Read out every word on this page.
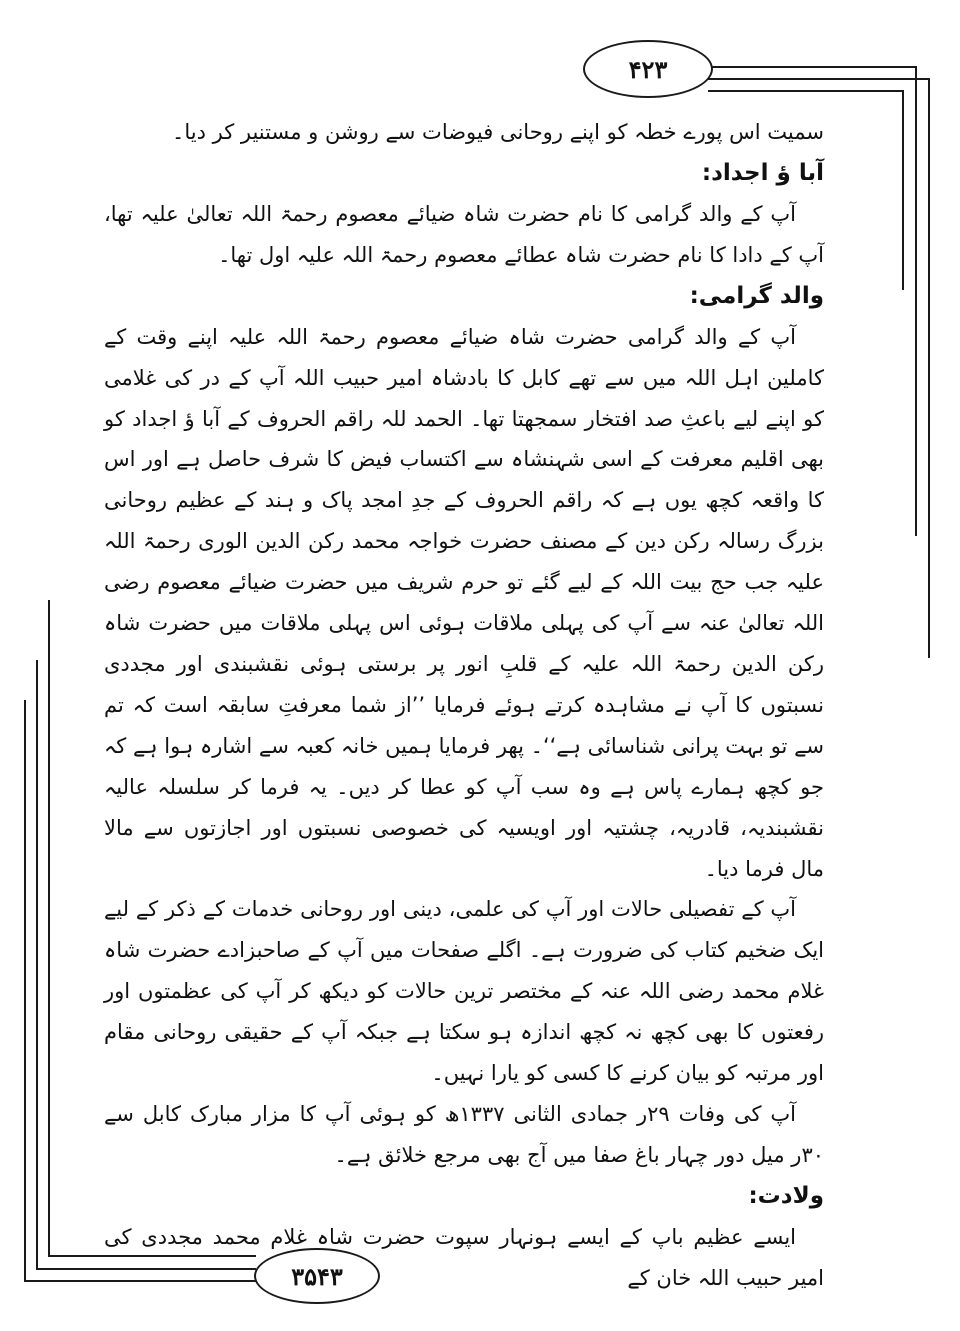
۴۲۳
۳۵۴۳

سمیت اس پورے خطہ کو اپنے روحانی فیوضات سے روشن و مستنیر کر دیا۔

آبا ؤ اجداد:

آپ کے والد گرامی کا نام حضرت شاہ ضیائے معصوم رحمۃ اللہ تعالیٰ علیہ تھا، آپ کے دادا کا نام حضرت شاہ عطائے معصوم رحمۃ اللہ علیہ اول تھا۔

والد گرامی:

آپ کے والد گرامی حضرت شاہ ضیائے معصوم رحمۃ اللہ علیہ اپنے وقت کے کاملین اہل اللہ میں سے تھے کابل کا بادشاہ امیر حبیب اللہ آپ کے در کی غلامی کو اپنے لیے باعثِ صد افتخار سمجھتا تھا۔ الحمد للہ راقم الحروف کے آبا ؤ اجداد کو بھی اقلیم معرفت کے اسی شہنشاہ سے اکتساب فیض کا شرف حاصل ہے اور اس کا واقعہ کچھ یوں ہے کہ راقم الحروف کے جدِ امجد پاک و ہند کے عظیم روحانی بزرگ رسالہ رکن دین کے مصنف حضرت خواجہ محمد رکن الدین الوری رحمۃ اللہ علیہ جب حج بیت اللہ کے لیے گئے تو حرم شریف میں حضرت ضیائے معصوم رضی اللہ تعالیٰ عنہ سے آپ کی پہلی ملاقات ہوئی اس پہلی ملاقات میں حضرت شاہ رکن الدین رحمۃ اللہ علیہ کے قلبِ انور پر برستی ہوئی نقشبندی اور مجددی نسبتوں کا آپ نے مشاہدہ کرتے ہوئے فرمایا ’’از شما معرفتِ سابقہ است کہ تم سے تو بہت پرانی شناسائی ہے‘‘۔ پھر فرمایا ہمیں خانہ کعبہ سے اشارہ ہوا ہے کہ جو کچھ ہمارے پاس ہے وہ سب آپ کو عطا کر دیں۔ یہ فرما کر سلسلہ عالیہ نقشبندیہ، قادریہ، چشتیہ اور اویسیہ کی خصوصی نسبتوں اور اجازتوں سے مالا مال فرما دیا۔

آپ کے تفصیلی حالات اور آپ کی علمی، دینی اور روحانی خدمات کے ذکر کے لیے ایک ضخیم کتاب کی ضرورت ہے۔ اگلے صفحات میں آپ کے صاحبزادے حضرت شاہ غلام محمد رضی اللہ عنہ کے مختصر ترین حالات کو دیکھ کر آپ کی عظمتوں اور رفعتوں کا بھی کچھ نہ کچھ اندازہ ہو سکتا ہے جبکہ آپ کے حقیقی روحانی مقام اور مرتبہ کو بیان کرنے کا کسی کو یارا نہیں۔

آپ کی وفات ۲۹ر جمادی الثانی ۱۳۳۷ھ کو ہوئی آپ کا مزار مبارک کابل سے ۳۰ر میل دور چہار باغ صفا میں آج بھی مرجع خلائق ہے۔

ولادت:

ایسے عظیم باپ کے ایسے ہونہار سپوت حضرت شاہ غلام محمد مجددی کی امیر حبیب اللہ خان کے
